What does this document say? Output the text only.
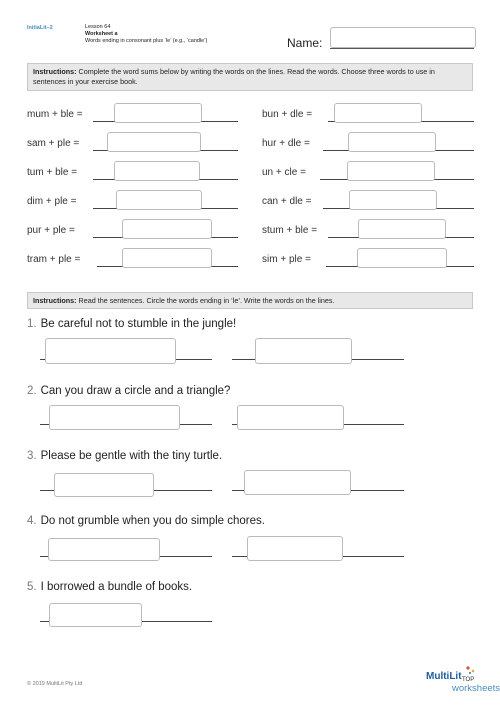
InitiaLit–2	Lesson 64
Worksheet a
Words ending in consonant plus ‘le’ (e.g., ‘candle’)	Name:
Instructions: Complete the word sums below by writing the words on the lines. Read the words. Choose three words to use in sentences in your exercise book.
mum + ble =
sam + ple =
tum + ble =
dim + ple =
pur + ple =
tram + ple =
bun + dle =
hur + dle =
un + cle =
can + dle =
stum + ble =
sim + ple =
Instructions: Read the sentences. Circle the words ending in ‘le’. Write the words on the lines.
1. Be careful not to stumble in the jungle!
2. Can you draw a circle and a triangle?
3. Please be gentle with the tiny turtle.
4. Do not grumble when you do simple chores.
5. I borrowed a bundle of books.
© 2019 MultiLit Pty Ltd
MultiLit TOP
worksheets
